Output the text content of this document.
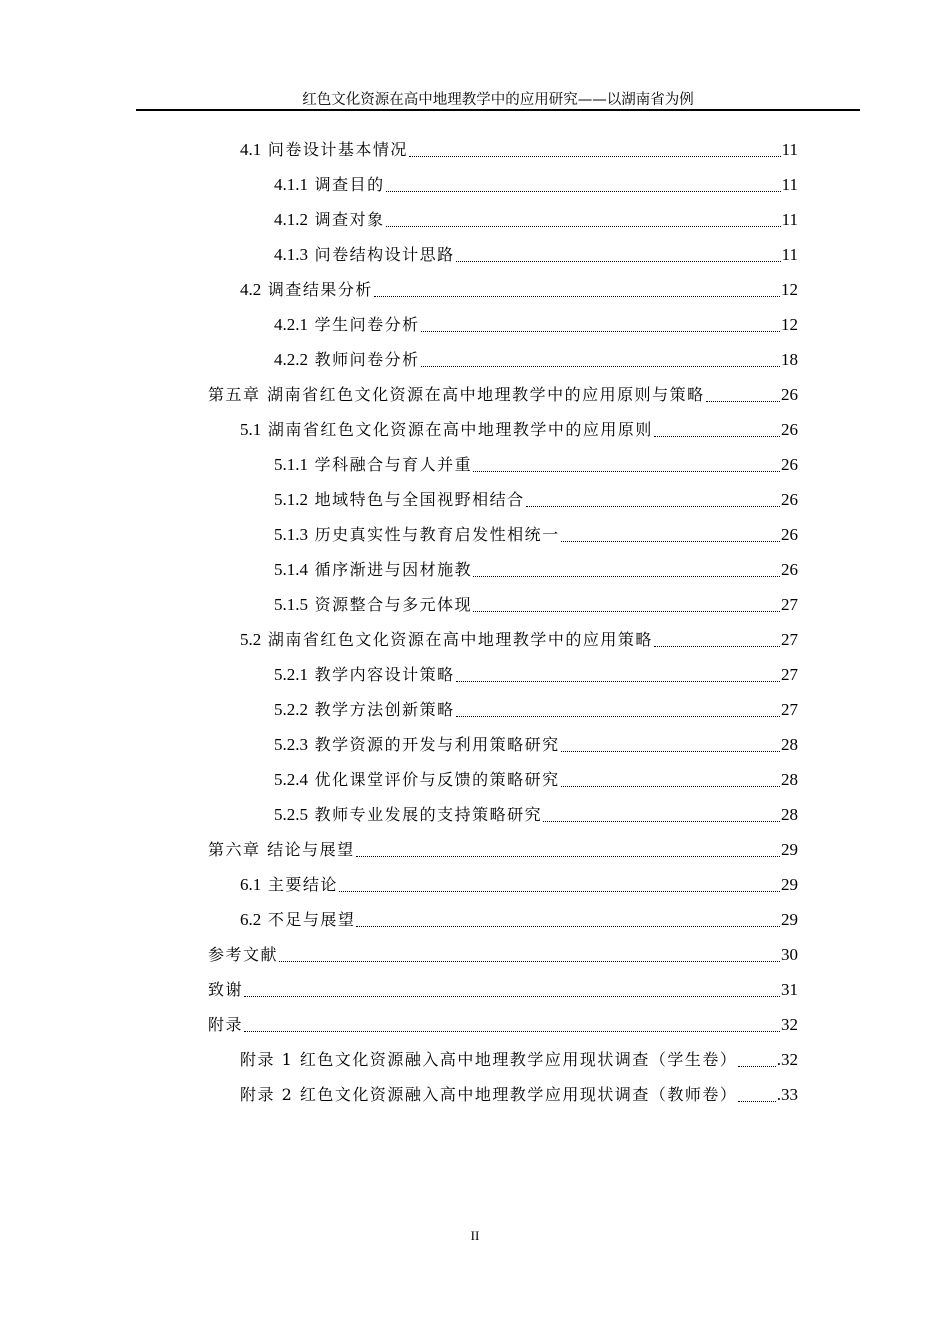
红色文化资源在高中地理教学中的应用研究——以湖南省为例
4.1 问卷设计基本情况	11
4.1.1 调查目的	11
4.1.2 调查对象	11
4.1.3 问卷结构设计思路	11
4.2 调查结果分析	12
4.2.1 学生问卷分析	12
4.2.2 教师问卷分析	18
第五章 湖南省红色文化资源在高中地理教学中的应用原则与策略	26
5.1 湖南省红色文化资源在高中地理教学中的应用原则	26
5.1.1 学科融合与育人并重	26
5.1.2 地域特色与全国视野相结合	26
5.1.3 历史真实性与教育启发性相统一	26
5.1.4 循序渐进与因材施教	26
5.1.5 资源整合与多元体现	27
5.2 湖南省红色文化资源在高中地理教学中的应用策略	27
5.2.1 教学内容设计策略	27
5.2.2 教学方法创新策略	27
5.2.3 教学资源的开发与利用策略研究	28
5.2.4 优化课堂评价与反馈的策略研究	28
5.2.5 教师专业发展的支持策略研究	28
第六章 结论与展望	29
6.1 主要结论	29
6.2 不足与展望	29
参考文献	30
致谢	31
附录	32
附录 1 红色文化资源融入高中地理教学应用现状调查（学生卷） .32
附录 2 红色文化资源融入高中地理教学应用现状调查（教师卷） .33
II
